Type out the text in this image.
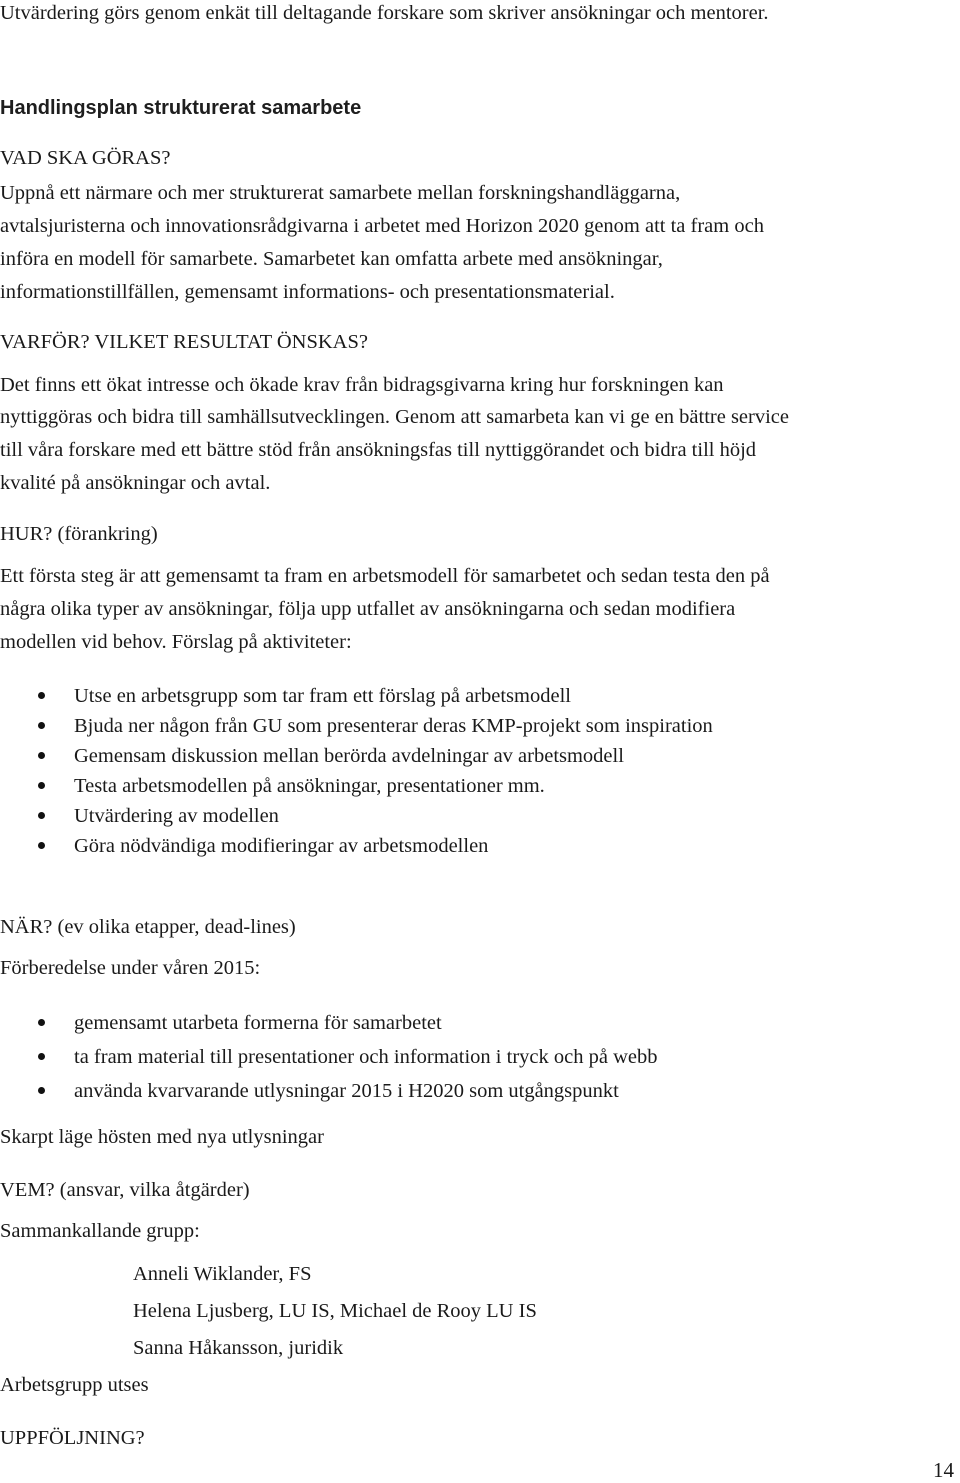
Utvärdering görs genom enkät till deltagande forskare som skriver ansökningar och mentorer.
Handlingsplan strukturerat samarbete
VAD SKA GÖRAS?
Uppnå ett närmare och mer strukturerat samarbete mellan forskningshandläggarna,
avtalsjuristerna och innovationsrådgivarna i arbetet med Horizon 2020 genom att ta fram och
införa en modell för samarbete. Samarbetet kan omfatta arbete med ansökningar,
informationstillfällen, gemensamt informations- och presentationsmaterial.
VARFÖR? VILKET RESULTAT ÖNSKAS?
Det finns ett ökat intresse och ökade krav från bidragsgivarna kring hur forskningen kan
nyttiggöras och bidra till samhällsutvecklingen. Genom att samarbeta kan vi ge en bättre service
till våra forskare med ett bättre stöd från ansökningsfas till nyttiggörandet och bidra till höjd
kvalité på ansökningar och avtal.
HUR? (förankring)
Ett första steg är att gemensamt ta fram en arbetsmodell för samarbetet och sedan testa den på
några olika typer av ansökningar, följa upp utfallet av ansökningarna och sedan modifiera
modellen vid behov. Förslag på aktiviteter:
Utse en arbetsgrupp som tar fram ett förslag på arbetsmodell
Bjuda ner någon från GU som presenterar deras KMP-projekt som inspiration
Gemensam diskussion mellan berörda avdelningar av arbetsmodell
Testa arbetsmodellen på ansökningar, presentationer mm.
Utvärdering av modellen
Göra nödvändiga modifieringar av arbetsmodellen
NÄR? (ev olika etapper, dead-lines)
Förberedelse under våren 2015:
gemensamt utarbeta formerna för samarbetet
ta fram material till presentationer och information i tryck och på webb
använda kvarvarande utlysningar 2015 i H2020 som utgångspunkt
Skarpt läge hösten med nya utlysningar
VEM? (ansvar, vilka åtgärder)
Sammankallande grupp:
Anneli Wiklander, FS
Helena Ljusberg, LU IS, Michael de Rooy LU IS
Sanna Håkansson, juridik
Arbetsgrupp utses
UPPFÖLJNING?
14
